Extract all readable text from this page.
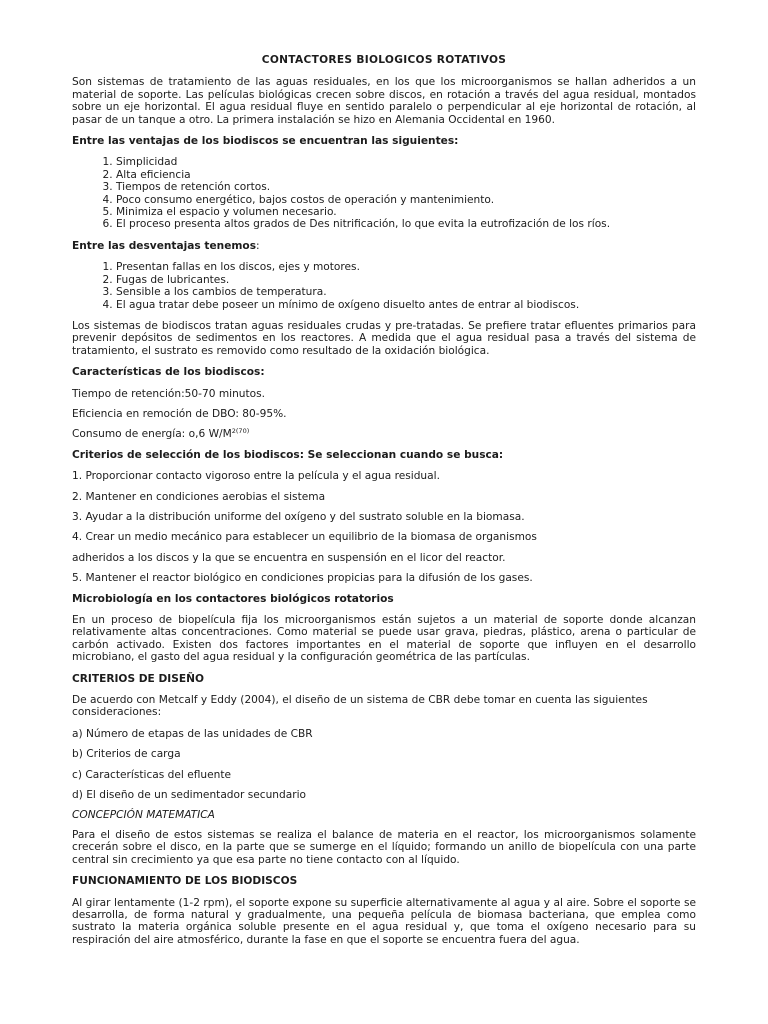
CONTACTORES BIOLOGICOS ROTATIVOS

Son sistemas de tratamiento de las aguas residuales, en los que los microorganismos se hallan adheridos a un material de soporte. Las películas biológicas crecen sobre discos, en rotación a través del agua residual, montados sobre un eje horizontal. El agua residual fluye en sentido paralelo o perpendicular al eje horizontal de rotación, al pasar de un tanque a otro. La primera instalación se hizo en Alemania Occidental en 1960.

Entre las ventajas de los biodiscos se encuentran las siguientes:

1. Simplicidad
2. Alta eficiencia
3. Tiempos de retención cortos.
4. Poco consumo energético, bajos costos de operación y mantenimiento.
5. Minimiza el espacio y volumen necesario.
6. El proceso presenta altos grados de Des nitrificación, lo que evita la eutrofización de los ríos.

Entre las desventajas tenemos:

1. Presentan fallas en los discos, ejes y motores.
2. Fugas de lubricantes.
3. Sensible a los cambios de temperatura.
4. El agua tratar debe poseer un mínimo de oxígeno disuelto antes de entrar al biodiscos.

Los sistemas de biodiscos tratan aguas residuales crudas y pre-tratadas. Se prefiere tratar efluentes primarios para prevenir depósitos de sedimentos en los reactores. A medida que el agua residual pasa a través del sistema de tratamiento, el sustrato es removido como resultado de la oxidación biológica.

Características de los biodiscos:

Tiempo de retención:50-70 minutos.

Eficiencia en remoción de DBO: 80-95%.

Consumo de energía: o,6 $W/M^{2(70)}$

Criterios de selección de los biodiscos: Se seleccionan cuando se busca:

1. Proporcionar contacto vigoroso entre la película y el agua residual.

2. Mantener en condiciones aerobias el sistema

3. Ayudar a la distribución uniforme del oxígeno y del sustrato soluble en la biomasa.

4. Crear un medio mecánico para establecer un equilibrio de la biomasa de organismos

adheridos a los discos y la que se encuentra en suspensión en el licor del reactor.

5. Mantener el reactor biológico en condiciones propicias para la difusión de los gases.

Microbiología en los contactores biológicos rotatorios

En un proceso de biopelícula fija los microorganismos están sujetos a un material de soporte donde alcanzan relativamente altas concentraciones. Como material se puede usar grava, piedras, plástico, arena o particular de carbón activado. Existen dos factores importantes en el material de soporte que influyen en el desarrollo microbiano, el gasto del agua residual y la configuración geométrica de las partículas.

CRITERIOS DE DISEÑO

De acuerdo con Metcalf y Eddy (2004), el diseño de un sistema de CBR debe tomar en cuenta las siguientes consideraciones:

a) Número de etapas de las unidades de CBR

b) Criterios de carga

c) Características del efluente

d) El diseño de un sedimentador secundario

CONCEPCIÓN MATEMATICA

Para el diseño de estos sistemas se realiza el balance de materia en el reactor, los microorganismos solamente crecerán sobre el disco, en la parte que se sumerge en el líquido; formando un anillo de biopelícula con una parte central sin crecimiento ya que esa parte no tiene contacto con al líquido.

FUNCIONAMIENTO DE LOS BIODISCOS

Al girar lentamente (1-2 rpm), el soporte expone su superficie alternativamente al agua y al aire. Sobre el soporte se desarrolla, de forma natural y gradualmente, una pequeña película de biomasa bacteriana, que emplea como sustrato la materia orgánica soluble presente en el agua residual y, que toma el oxígeno necesario para su respiración del aire atmosférico, durante la fase en que el soporte se encuentra fuera del agua.
